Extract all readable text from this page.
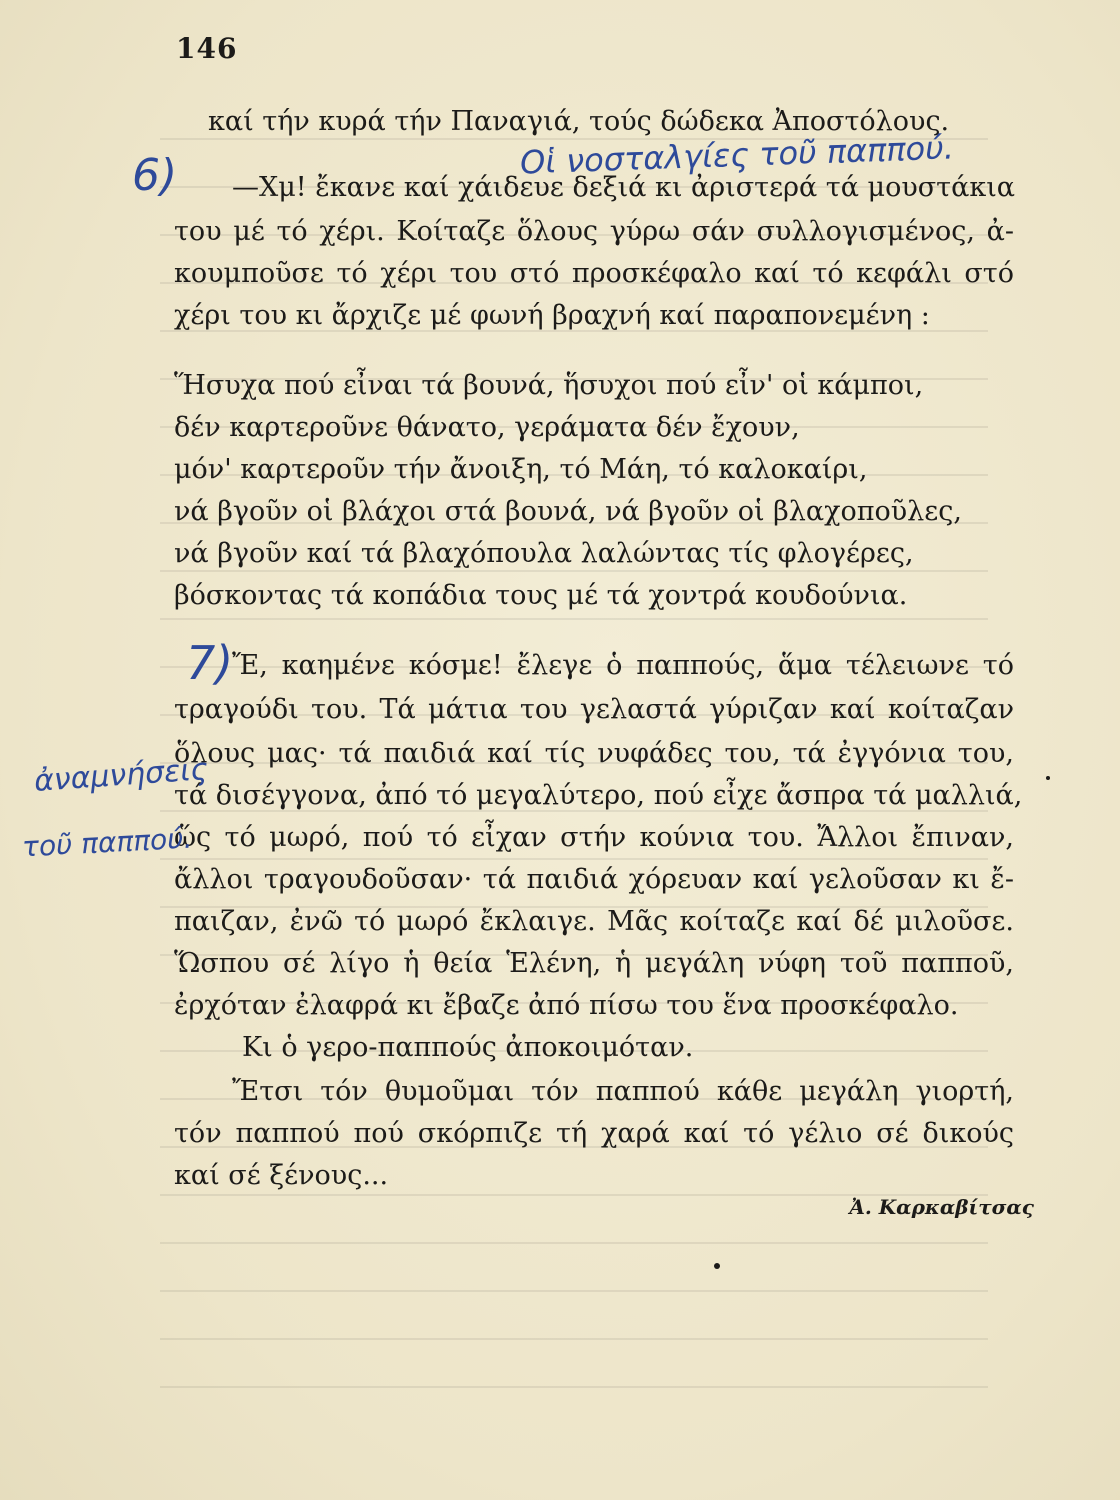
146
καί τήν κυρά τήν Παναγιά, τούς δώδεκα Ἀποστόλους.
—Χμ! ἔκανε καί χάιδευε δεξιά κι ἀριστερά τά μουστάκια
του μέ τό χέρι. Κοίταζε ὅλους γύρω σάν συλλογισμένος, ἀ-
κουμποῦσε τό χέρι του στό προσκέφαλο καί τό κεφάλι στό
χέρι του κι ἄρχιζε μέ φωνή βραχνή καί παραπονεμένη :
Ἥσυχα πού εἶναι τά βουνά, ἥσυχοι πού εἶν' οἱ κάμποι,
δέν καρτεροῦνε θάνατο, γεράματα δέν ἔχουν,
μόν' καρτεροῦν τήν ἄνοιξη, τό Μάη, τό καλοκαίρι,
νά βγοῦν οἱ βλάχοι στά βουνά, νά βγοῦν οἱ βλαχοποῦλες,
νά βγοῦν καί τά βλαχόπουλα λαλώντας τίς φλογέρες,
βόσκοντας τά κοπάδια τους μέ τά χοντρά κουδούνια.
Ἔ, καημένε κόσμε! ἔλεγε ὁ παππούς, ἅμα τέλειωνε τό
τραγούδι του. Τά μάτια του γελαστά γύριζαν καί κοίταζαν
ὅλους μας· τά παιδιά καί τίς νυφάδες του, τά ἐγγόνια του,
τά δισέγγονα, ἀπό τό μεγαλύτερο, πού εἶχε ἄσπρα τά μαλλιά,
ὥς τό μωρό, πού τό εἶχαν στήν κούνια του. Ἄλλοι ἔπιναν,
ἄλλοι τραγουδοῦσαν· τά παιδιά χόρευαν καί γελοῦσαν κι ἔ-
παιζαν, ἐνῶ τό μωρό ἔκλαιγε. Μᾶς κοίταζε καί δέ μιλοῦσε.
Ὥσπου σέ λίγο ἡ θεία Ἑλένη, ἡ μεγάλη νύφη τοῦ παπποῦ,
ἐρχόταν ἐλαφρά κι ἔβαζε ἀπό πίσω του ἕνα προσκέφαλο.
Κι ὁ γερο-παππούς ἀποκοιμόταν.
Ἔτσι τόν θυμοῦμαι τόν παππού κάθε μεγάλη γιορτή,
τόν παππού πού σκόρπιζε τή χαρά καί τό γέλιο σέ δικούς
καί σέ ξένους...
Ἀ. Καρκαβίτσας
6)	Οἱ νοσταλγίες τοῦ παππού.
7)
ἀναμνήσεις
τοῦ παππού.
